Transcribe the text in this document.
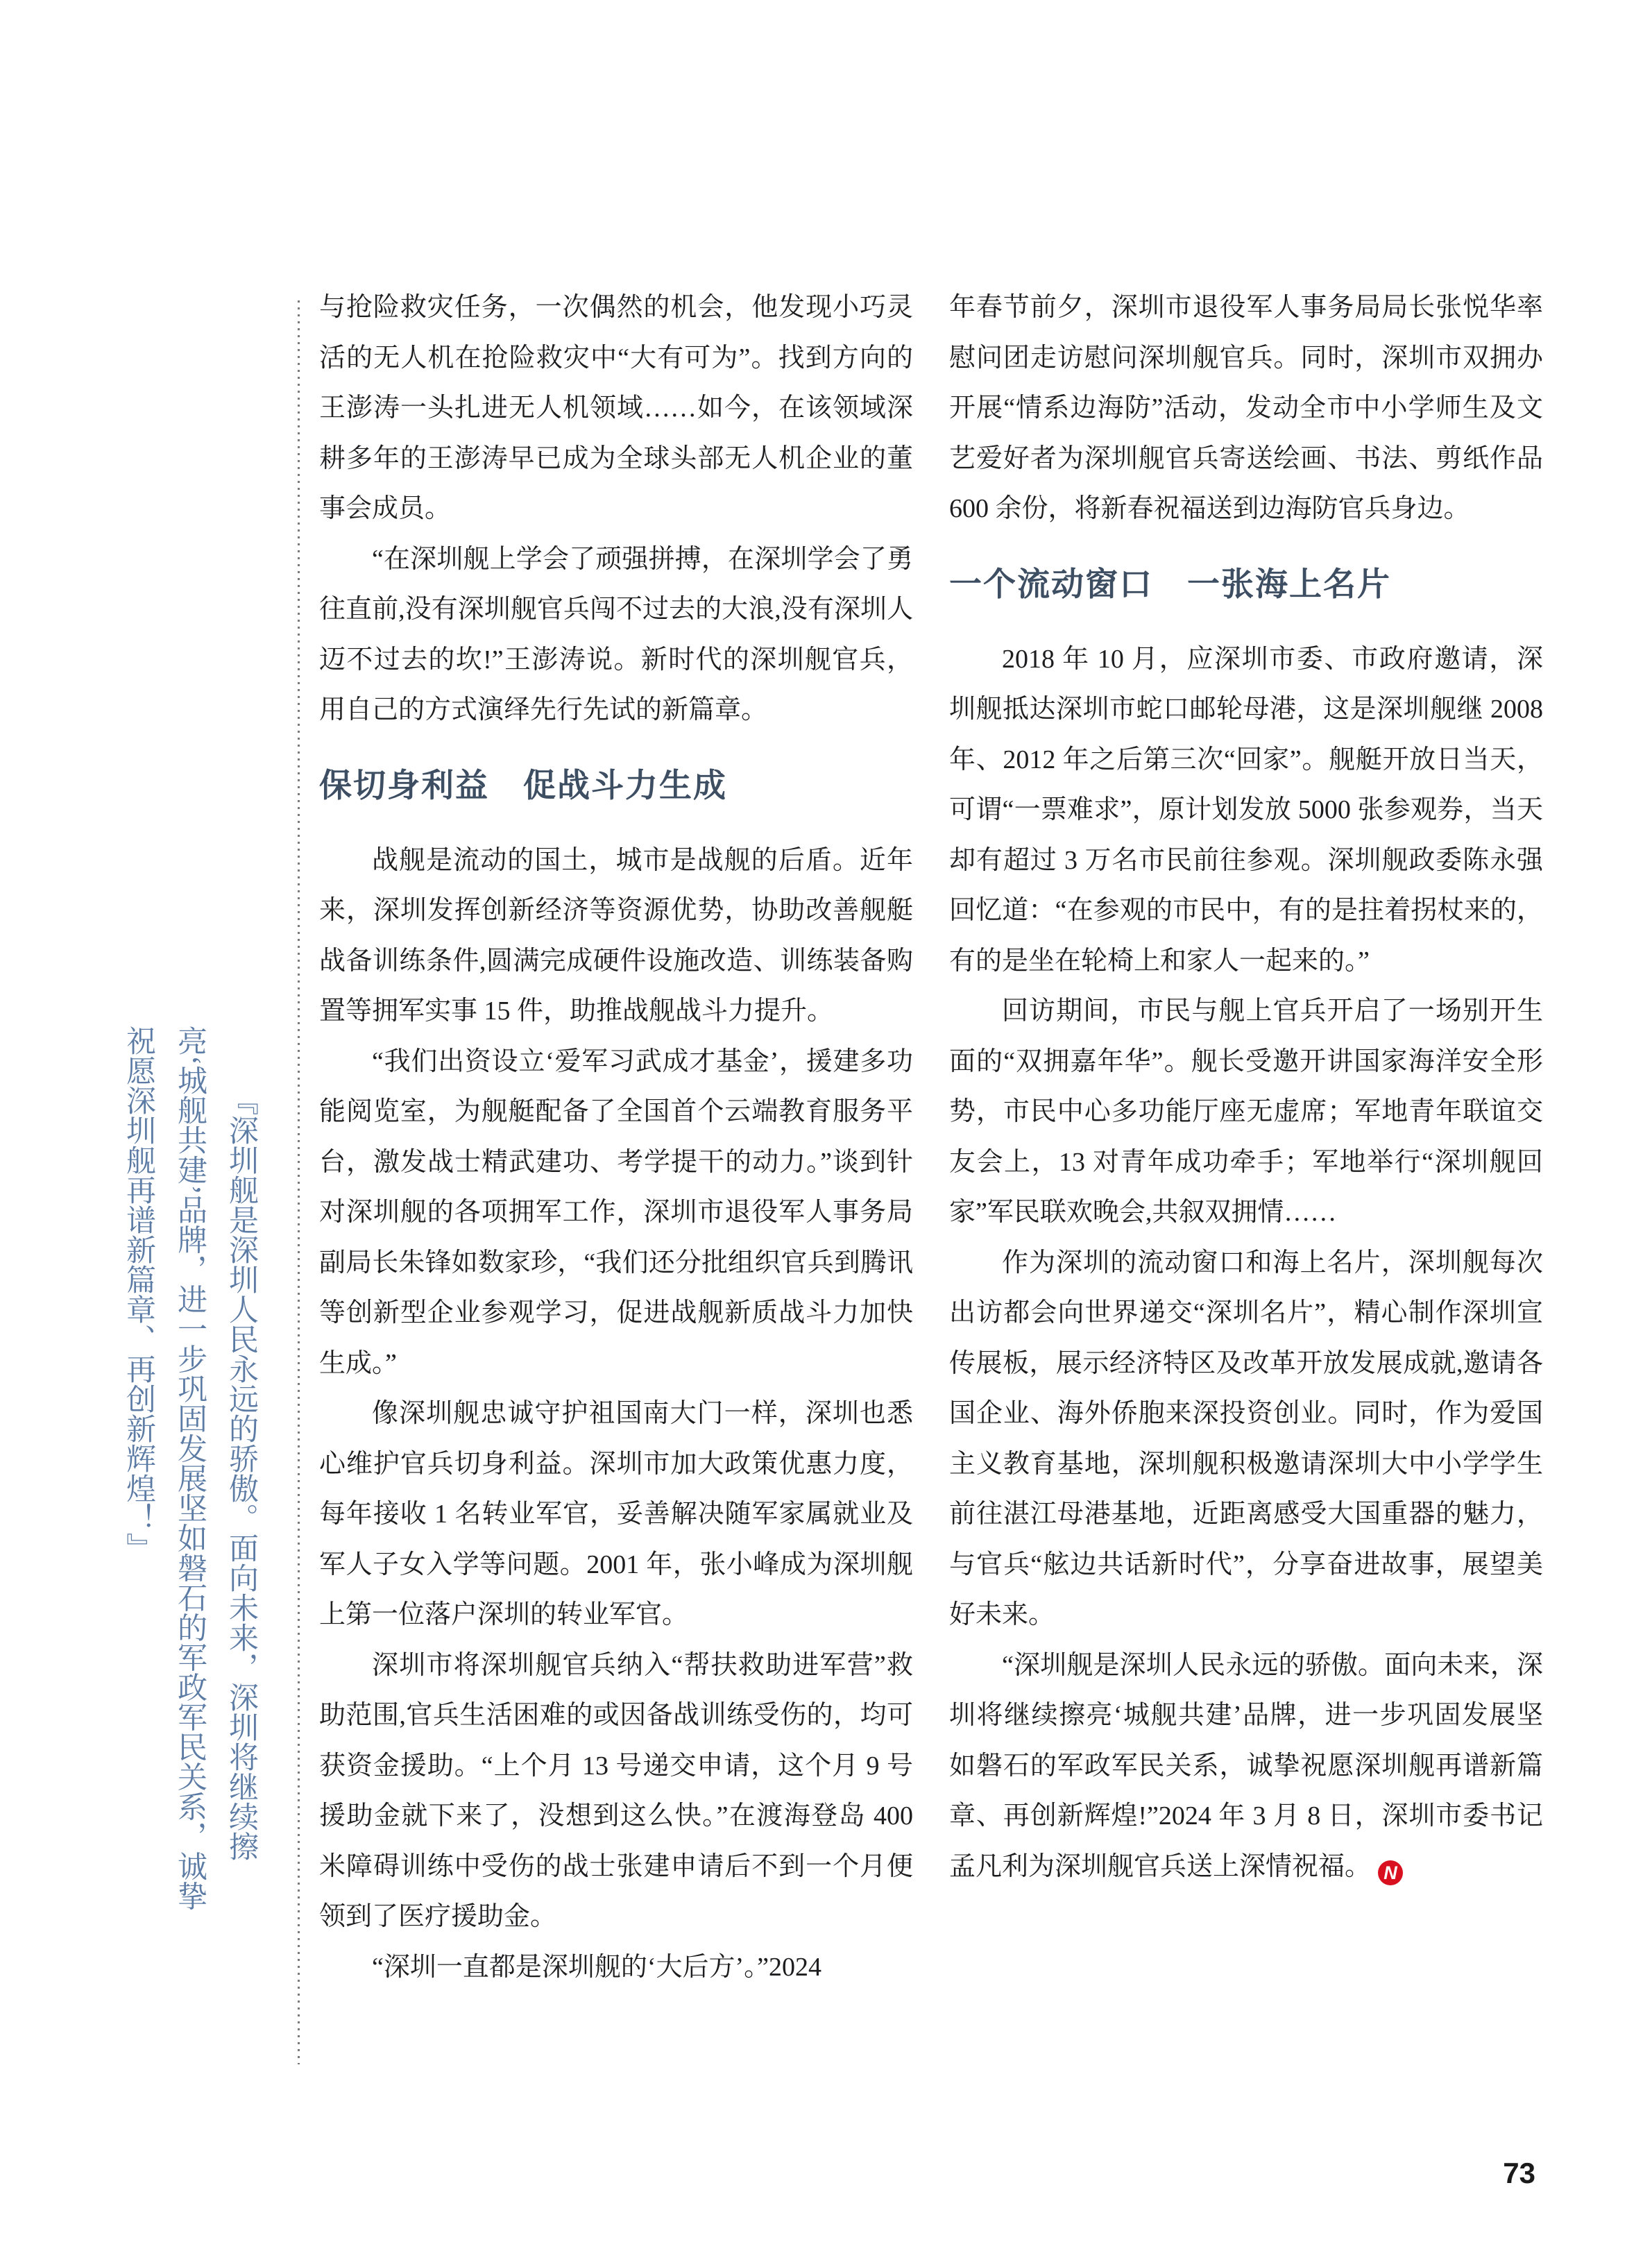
『深圳舰是深圳人民永远的骄傲。面向未来，深圳将继续擦亮‘城舰共建’品牌，进一步巩固发展坚如磐石的军政军民关系，诚挚祝愿深圳舰再谱新篇章、再创新辉煌！』

与抢险救灾任务，一次偶然的机会，他发现小巧灵活的无人机在抢险救灾中“大有可为”。找到方向的王澎涛一头扎进无人机领域……如今，在该领域深耕多年的王澎涛早已成为全球头部无人机企业的董事会成员。

“在深圳舰上学会了顽强拼搏，在深圳学会了勇往直前,没有深圳舰官兵闯不过去的大浪,没有深圳人迈不过去的坎!”王澎涛说。新时代的深圳舰官兵，用自己的方式演绎先行先试的新篇章。

保切身利益　促战斗力生成

战舰是流动的国土，城市是战舰的后盾。近年来，深圳发挥创新经济等资源优势，协助改善舰艇战备训练条件,圆满完成硬件设施改造、训练装备购置等拥军实事 15 件，助推战舰战斗力提升。

“我们出资设立‘爱军习武成才基金’，援建多功能阅览室，为舰艇配备了全国首个云端教育服务平台，激发战士精武建功、考学提干的动力。”谈到针对深圳舰的各项拥军工作，深圳市退役军人事务局副局长朱锋如数家珍，“我们还分批组织官兵到腾讯等创新型企业参观学习，促进战舰新质战斗力加快生成。”

像深圳舰忠诚守护祖国南大门一样，深圳也悉心维护官兵切身利益。深圳市加大政策优惠力度，每年接收 1 名转业军官，妥善解决随军家属就业及军人子女入学等问题。2001 年，张小峰成为深圳舰上第一位落户深圳的转业军官。

深圳市将深圳舰官兵纳入“帮扶救助进军营”救助范围,官兵生活困难的或因备战训练受伤的，均可获资金援助。“上个月 13 号递交申请，这个月 9 号援助金就下来了，没想到这么快。”在渡海登岛 400 米障碍训练中受伤的战士张建申请后不到一个月便领到了医疗援助金。

“深圳一直都是深圳舰的‘大后方’。”2024

年春节前夕，深圳市退役军人事务局局长张悦华率慰问团走访慰问深圳舰官兵。同时，深圳市双拥办开展“情系边海防”活动，发动全市中小学师生及文艺爱好者为深圳舰官兵寄送绘画、书法、剪纸作品 600 余份，将新春祝福送到边海防官兵身边。

一个流动窗口　一张海上名片

2018 年 10 月，应深圳市委、市政府邀请，深圳舰抵达深圳市蛇口邮轮母港，这是深圳舰继 2008 年、2012 年之后第三次“回家”。舰艇开放日当天，可谓“一票难求”，原计划发放 5000 张参观券，当天却有超过 3 万名市民前往参观。深圳舰政委陈永强回忆道：“在参观的市民中，有的是拄着拐杖来的，有的是坐在轮椅上和家人一起来的。”

回访期间，市民与舰上官兵开启了一场别开生面的“双拥嘉年华”。舰长受邀开讲国家海洋安全形势，市民中心多功能厅座无虚席；军地青年联谊交友会上，13 对青年成功牵手；军地举行“深圳舰回家”军民联欢晚会,共叙双拥情……

作为深圳的流动窗口和海上名片，深圳舰每次出访都会向世界递交“深圳名片”，精心制作深圳宣传展板，展示经济特区及改革开放发展成就,邀请各国企业、海外侨胞来深投资创业。同时，作为爱国主义教育基地，深圳舰积极邀请深圳大中小学学生前往湛江母港基地，近距离感受大国重器的魅力，与官兵“舷边共话新时代”，分享奋进故事，展望美好未来。

“深圳舰是深圳人民永远的骄傲。面向未来，深圳将继续擦亮‘城舰共建’品牌，进一步巩固发展坚如磐石的军政军民关系，诚挚祝愿深圳舰再谱新篇章、再创新辉煌!”2024 年 3 月 8 日，深圳市委书记孟凡利为深圳舰官兵送上深情祝福。 N

73
